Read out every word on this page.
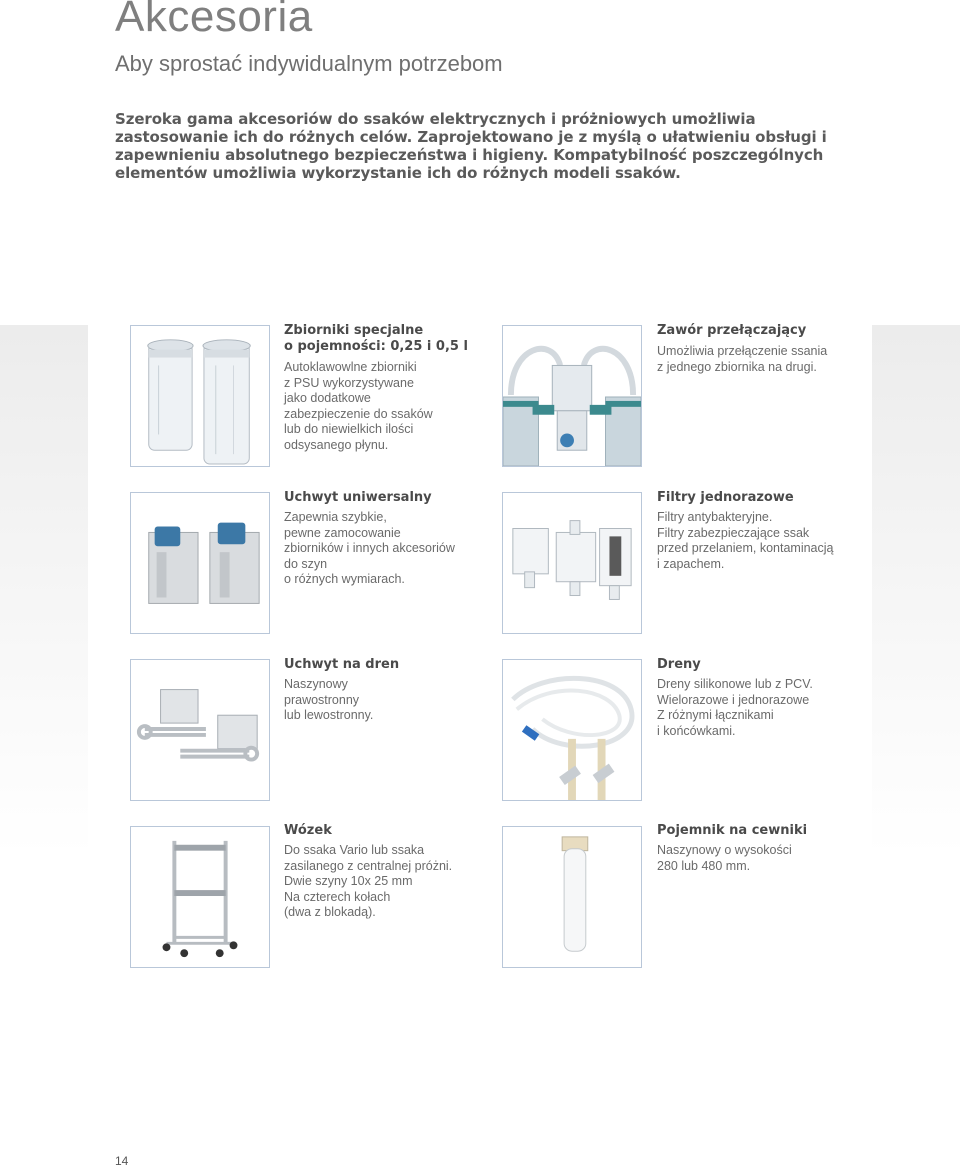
Akcesoria
Aby sprostać indywidualnym potrzebom
Szeroka gama akcesoriów do ssaków elektrycznych i próżniowych umożliwia zastosowanie ich do różnych celów. Zaprojektowano je z myślą o ułatwieniu obsługi i zapewnieniu absolutnego bezpieczeństwa i higieny. Kompatybilność poszczególnych elementów umożliwia wykorzystanie ich do różnych modeli ssaków.
Zbiorniki specjalne
o pojemności: 0,25 i 0,5 l
Autoklawowlne zbiorniki
z PSU wykorzystywane
jako dodatkowe
zabezpieczenie do ssaków
lub do niewielkich ilości
odsysanego płynu.
Zawór przełączający
Umożliwia przełączenie ssania
z jednego zbiornika na drugi.
Uchwyt uniwersalny
Zapewnia szybkie,
pewne zamocowanie
zbiorników i innych akcesoriów
do szyn
o różnych wymiarach.
Filtry jednorazowe
Filtry antybakteryjne.
Filtry zabezpieczające ssak
przed przelaniem, kontaminacją
i zapachem.
Uchwyt na dren
Naszynowy
prawostronny
lub lewostronny.
Dreny
Dreny silikonowe lub z PCV.
Wielorazowe i jednorazowe
Z różnymi łącznikami
i końcówkami.
Wózek
Do ssaka Vario lub ssaka
zasilanego z centralnej próżni.
Dwie szyny 10x 25 mm
Na czterech kołach
(dwa z blokadą).
Pojemnik na cewniki
Naszynowy o wysokości
280 lub 480 mm.
14
